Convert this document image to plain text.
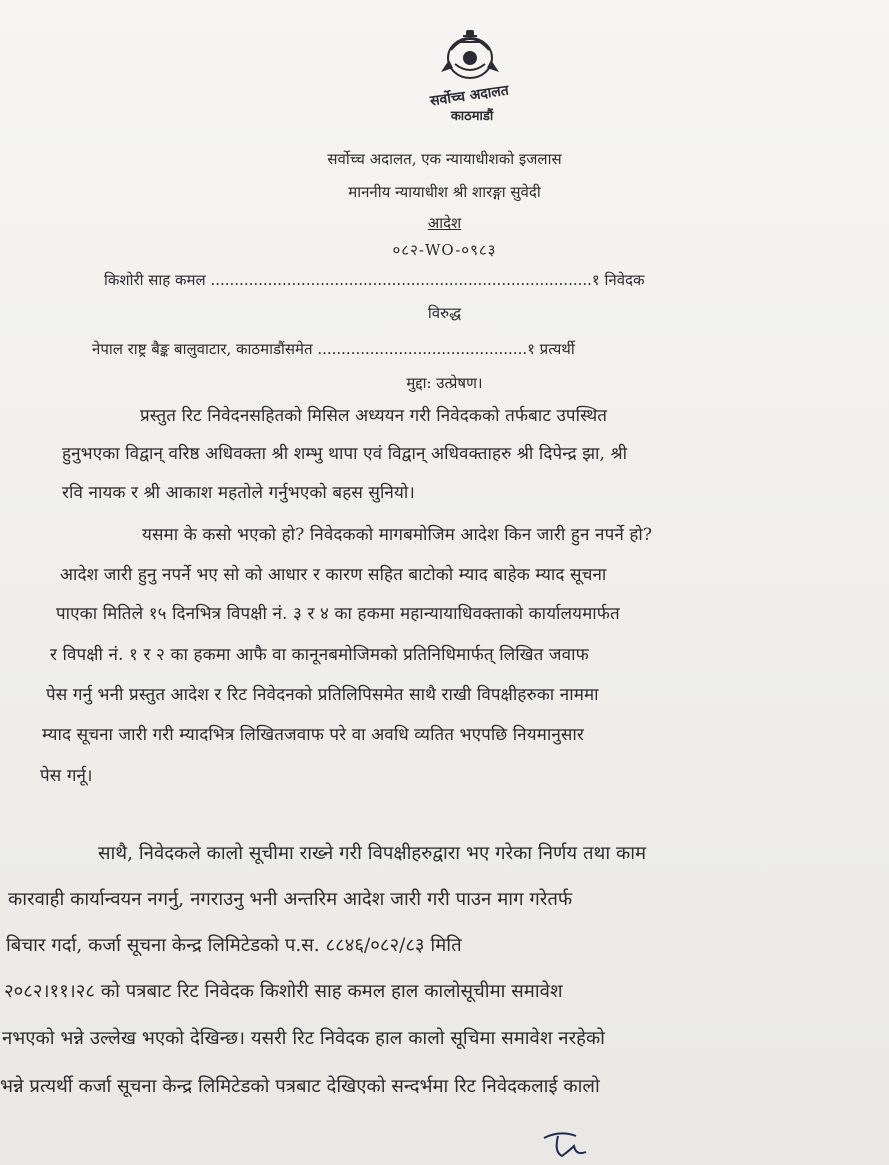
सर्वोच्च अदालत
काठमाडौं
सर्वोच्च अदालत, एक न्यायाधीशको इजलास
माननीय न्यायाधीश श्री शारङ्गा सुवेदी
आदेश
०८२-WO-०९८३
किशोरी साह कमल ................................................................................१ निवेदक
विरुद्ध
नेपाल राष्ट्र बैङ्क बालुवाटार, काठमाडौंसमेत ............................................१ प्रत्यर्थी
मुद्दा: उत्प्रेषण।
प्रस्तुत रिट निवेदनसहितको मिसिल अध्ययन गरी निवेदकको तर्फबाट उपस्थित
हुनुभएका विद्वान् वरिष्ठ अधिवक्ता श्री शम्भु थापा एवं विद्वान् अधिवक्ताहरु श्री दिपेन्द्र झा, श्री
रवि नायक र श्री आकाश महतोले गर्नुभएको बहस सुनियो।
यसमा के कसो भएको हो? निवेदकको मागबमोजिम आदेश किन जारी हुन नपर्ने हो?
आदेश जारी हुनु नपर्ने भए सो को आधार र कारण सहित बाटोको म्याद बाहेक म्याद सूचना
पाएका मितिले १५ दिनभित्र विपक्षी नं. ३ र ४ का हकमा महान्यायाधिवक्ताको कार्यालयमार्फत
र विपक्षी नं. १ र २ का हकमा आफै वा कानूनबमोजिमको प्रतिनिधिमार्फत् लिखित जवाफ
पेस गर्नु भनी प्रस्तुत आदेश र रिट निवेदनको प्रतिलिपिसमेत साथै राखी विपक्षीहरुका नाममा
म्याद सूचना जारी गरी म्यादभित्र लिखितजवाफ परे वा अवधि व्यतित भएपछि नियमानुसार
पेस गर्नू।
साथै, निवेदकले कालो सूचीमा राख्ने गरी विपक्षीहरुद्वारा भए गरेका निर्णय तथा काम
कारवाही कार्यान्वयन नगर्नु, नगराउनु भनी अन्तरिम आदेश जारी गरी पाउन माग गरेतर्फ
बिचार गर्दा, कर्जा सूचना केन्द्र लिमिटेडको प.स. ८८४६/०८२/८३ मिति
२०८२।११।२८ को पत्रबाट रिट निवेदक किशोरी साह कमल हाल कालोसूचीमा समावेश
नभएको भन्ने उल्लेख भएको देखिन्छ। यसरी रिट निवेदक हाल कालो सूचिमा समावेश नरहेको
भन्ने प्रत्यर्थी कर्जा सूचना केन्द्र लिमिटेडको पत्रबाट देखिएको सन्दर्भमा रिट निवेदकलाई कालो
